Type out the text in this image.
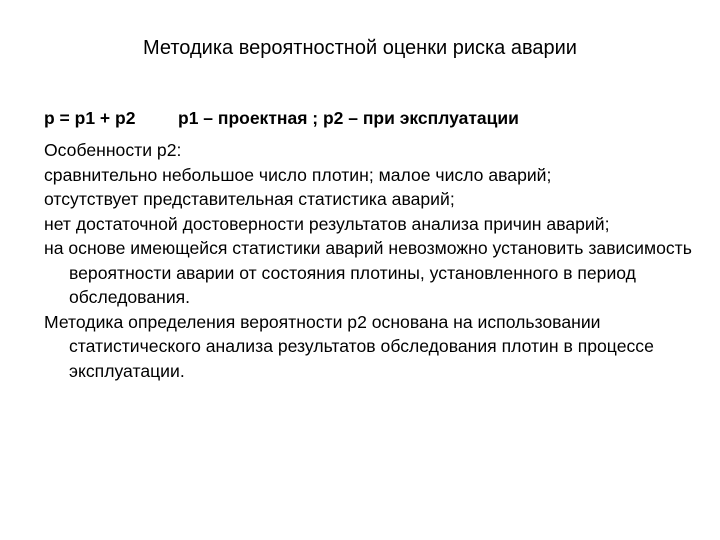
Методика вероятностной оценки риска аварии
p = p1 + p2 p1 – проектная ; p2 – при эксплуатации

Особенности p2:

сравнительно небольшое число плотин; малое число аварий;

отсутствует представительная статистика аварий;

нет достаточной достоверности результатов анализа причин аварий;

на основе имеющейся статистики аварий невозможно установить зависимость вероятности аварии от состояния плотины, установленного в период обследования.

Методика определения вероятности p2 основана на использовании статистического анализа результатов обследования плотин в процессе эксплуатации.
